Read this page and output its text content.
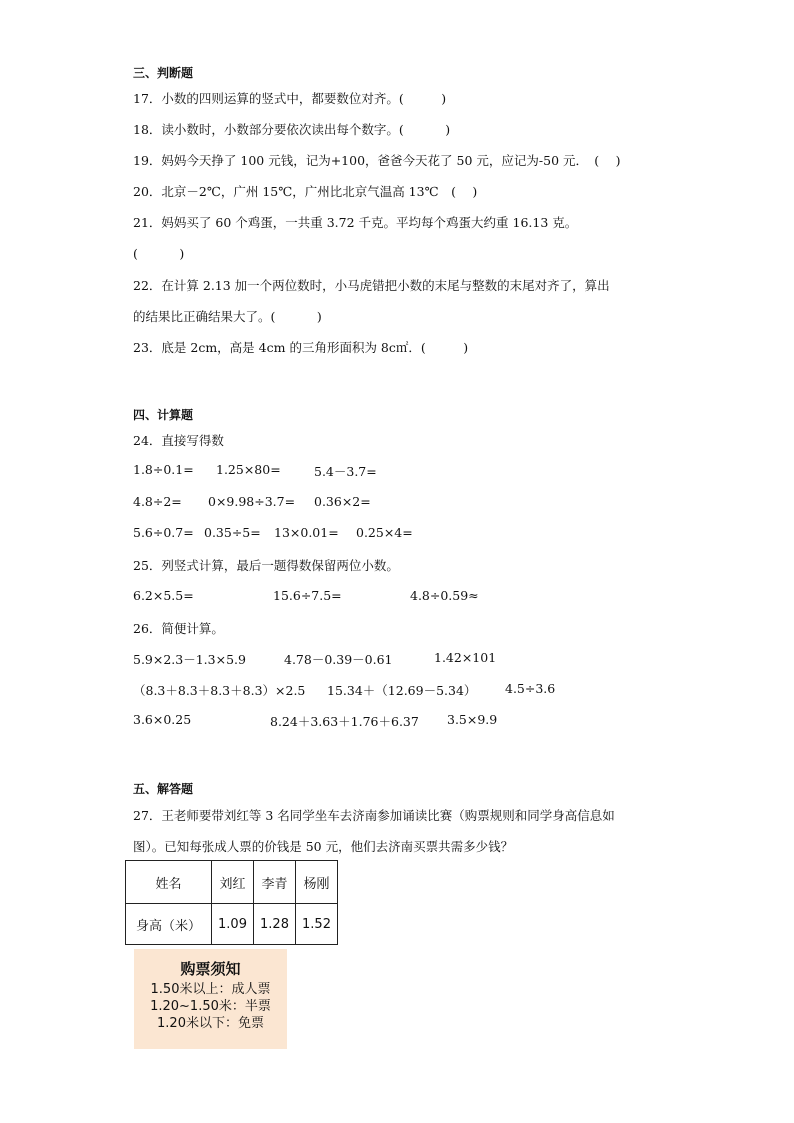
三、判断题
17．小数的四则运算的竖式中，都要数位对齐。(　　　)
18．读小数时，小数部分要依次读出每个数字。(　　　 )
19．妈妈今天挣了 100 元钱，记为+100，爸爸今天花了 50 元，应记为-50 元．　(　 )
20．北京－2℃，广州 15℃，广州比北京气温高 13℃　(　 )
21．妈妈买了 60 个鸡蛋，一共重 3.72 千克。平均每个鸡蛋大约重 16.13 克。
(　　　 )
22．在计算 2.13 加一个两位数时，小马虎错把小数的末尾与整数的末尾对齐了，算出
的结果比正确结果大了。(　　　 )
23．底是 2cm，高是 4cm 的三角形面积为 8c㎡．(　　　)
四、计算题
24．直接写得数
1.8÷0.1= 1.25×80=	5.4－3.7=
4.8÷2= 0×9.98÷3.7= 0.36×2=
5.6÷0.7= 0.35÷5= 13×0.01= 0.25×4=
25．列竖式计算，最后一题得数保留两位小数。
6.2×5.5=	15.6÷7.5=	4.8÷0.59≈
26．简便计算。
5.9×2.3－1.3×5.9	4.78－0.39－0.61	1.42×101
（8.3＋8.3＋8.3＋8.3）×2.5 15.34＋（12.69－5.34） 4.5÷3.6
3.6×0.25	8.24＋3.63＋1.76＋6.37 3.5×9.9
五、解答题
27．王老师要带刘红等 3 名同学坐车去济南参加诵读比赛（购票规则和同学身高信息如
图）。已知每张成人票的价钱是 50 元，他们去济南买票共需多少钱？
姓名	刘红	李青	杨刚
身高（米）	1.09	1.28	1.52
购票须知
1.50米以上：成人票
1.20~1.50米：半票
1.20米以下：免票
